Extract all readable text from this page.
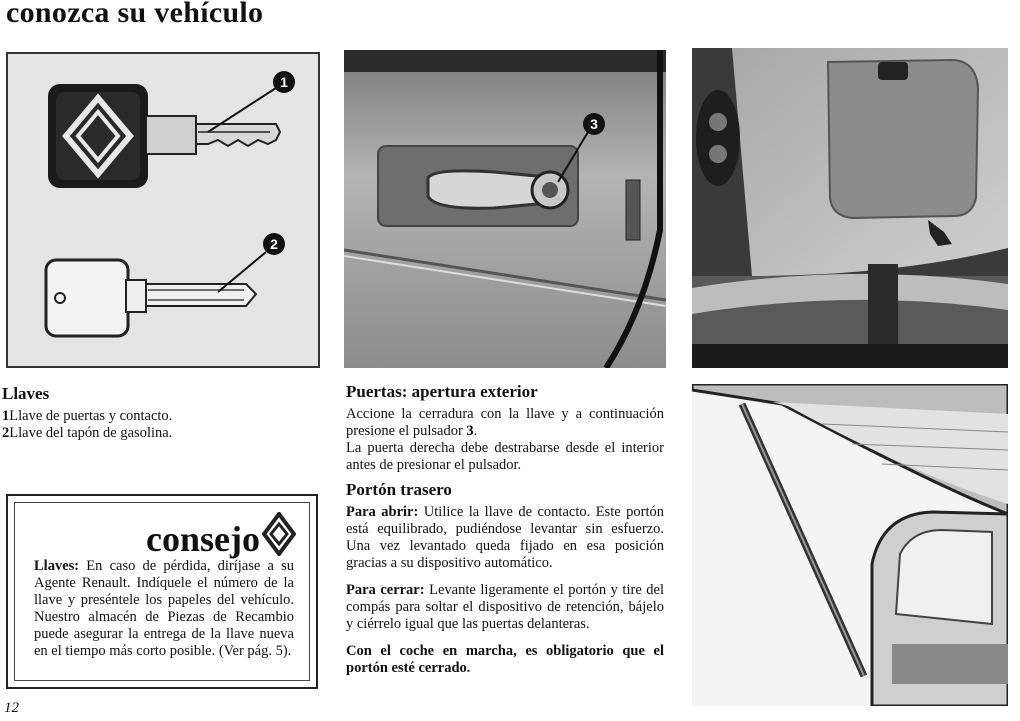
conozca su vehículo
1
2
3
Llaves
1Llave de puertas y contacto.
2Llave del tapón de gasolina.
consejo
Llaves: En caso de pérdida, diríjase a su Agente Renault. Indíquele el número de la llave y preséntele los papeles del vehículo. Nuestro almacén de Piezas de Recambio puede asegurar la entrega de la llave nueva en el tiempo más corto posible. (Ver pág. 5).
Puertas: apertura exterior
Accione la cerradura con la llave y a continuación presione el pulsador 3.
La puerta derecha debe destrabarse desde el interior antes de presionar el pulsador.
Portón trasero
Para abrir: Utilice la llave de contacto. Este portón está equilibrado, pudiéndose levantar sin esfuerzo. Una vez levantado queda fijado en esa posición gracias a su dispositivo automático.
Para cerrar: Levante ligeramente el portón y tire del compás para soltar el dispositivo de retención, bájelo y ciérrelo igual que las puertas delanteras.
Con el coche en marcha, es obligatorio que el portón esté cerrado.
12
